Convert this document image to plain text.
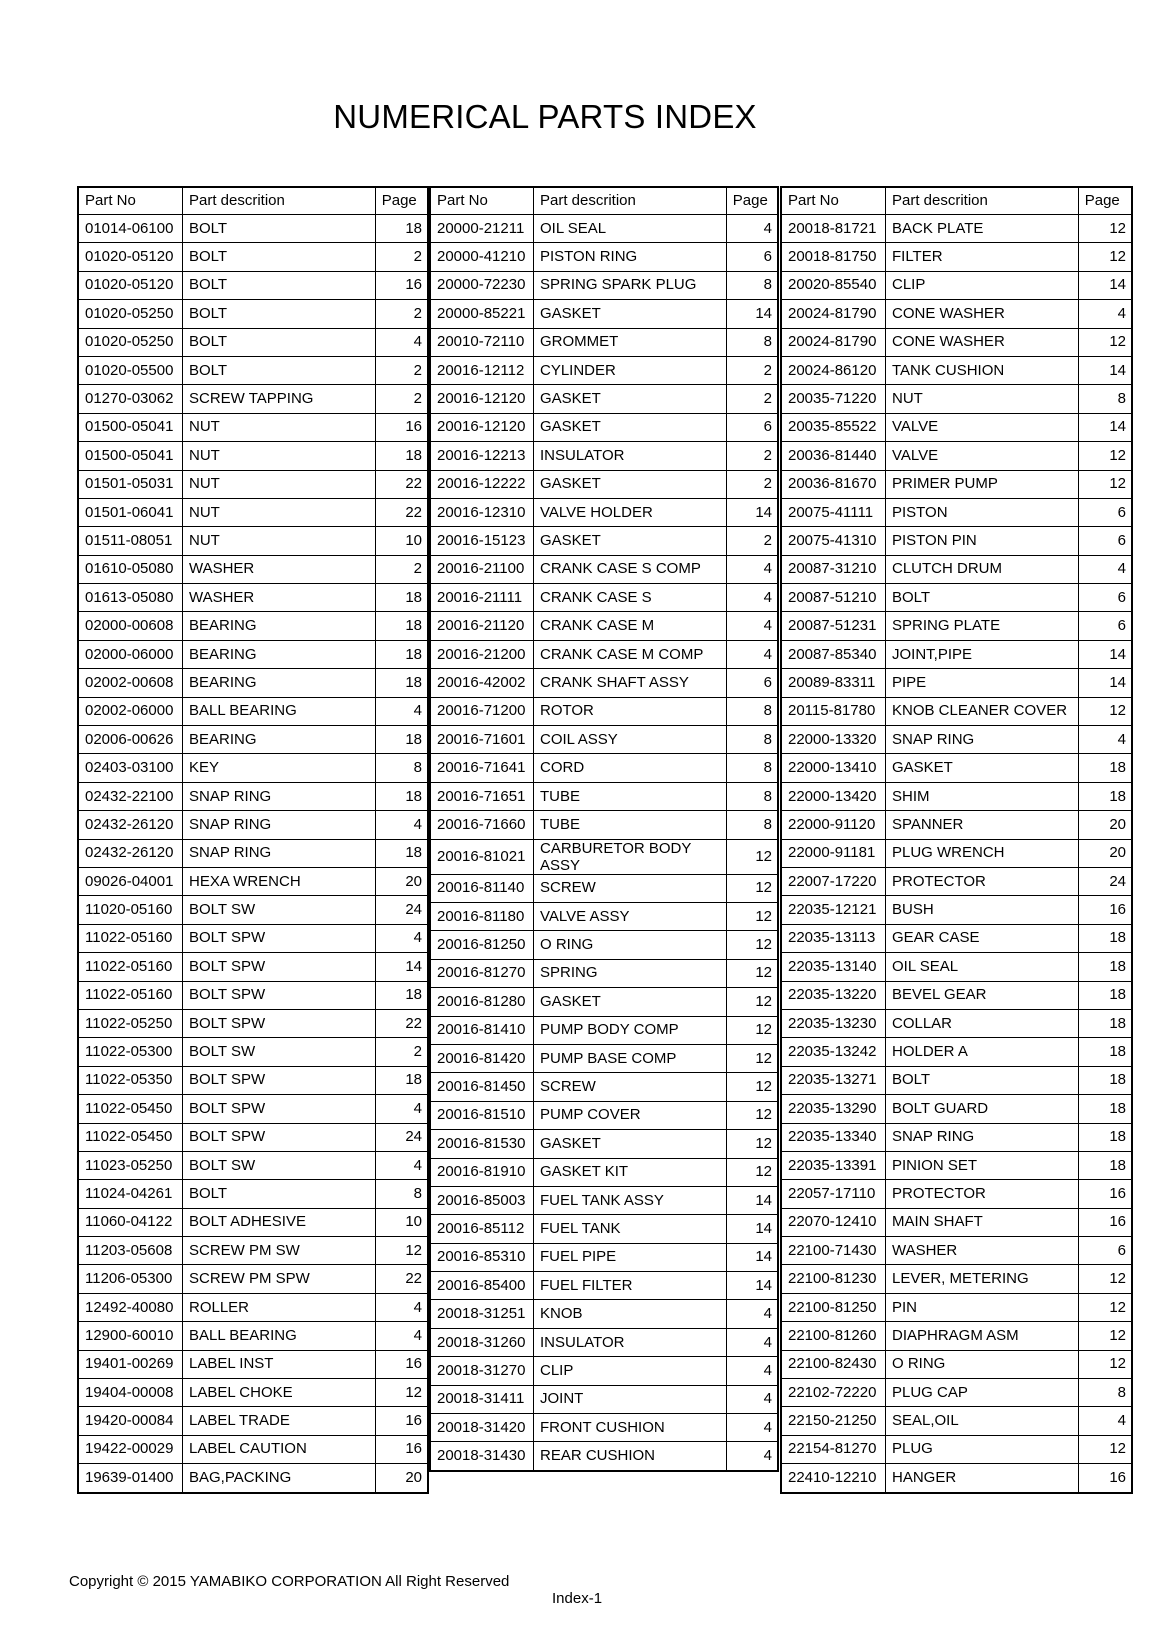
NUMERICAL PARTS INDEX
Part No	Part descrition	Page
01014-06100	BOLT	18
01020-05120	BOLT	2
01020-05120	BOLT	16
01020-05250	BOLT	2
01020-05250	BOLT	4
01020-05500	BOLT	2
01270-03062	SCREW TAPPING	2
01500-05041	NUT	16
01500-05041	NUT	18
01501-05031	NUT	22
01501-06041	NUT	22
01511-08051	NUT	10
01610-05080	WASHER	2
01613-05080	WASHER	18
02000-00608	BEARING	18
02000-06000	BEARING	18
02002-00608	BEARING	18
02002-06000	BALL BEARING	4
02006-00626	BEARING	18
02403-03100	KEY	8
02432-22100	SNAP RING	18
02432-26120	SNAP RING	4
02432-26120	SNAP RING	18
09026-04001	HEXA WRENCH	20
11020-05160	BOLT SW	24
11022-05160	BOLT SPW	4
11022-05160	BOLT SPW	14
11022-05160	BOLT SPW	18
11022-05250	BOLT SPW	22
11022-05300	BOLT SW	2
11022-05350	BOLT SPW	18
11022-05450	BOLT SPW	4
11022-05450	BOLT SPW	24
11023-05250	BOLT SW	4
11024-04261	BOLT	8
11060-04122	BOLT ADHESIVE	10
11203-05608	SCREW PM SW	12
11206-05300	SCREW PM SPW	22
12492-40080	ROLLER	4
12900-60010	BALL BEARING	4
19401-00269	LABEL INST	16
19404-00008	LABEL CHOKE	12
19420-00084	LABEL TRADE	16
19422-00029	LABEL CAUTION	16
19639-01400	BAG,PACKING	20
Part No	Part descrition	Page
20000-21211	OIL SEAL	4
20000-41210	PISTON RING	6
20000-72230	SPRING SPARK PLUG	8
20000-85221	GASKET	14
20010-72110	GROMMET	8
20016-12112	CYLINDER	2
20016-12120	GASKET	2
20016-12120	GASKET	6
20016-12213	INSULATOR	2
20016-12222	GASKET	2
20016-12310	VALVE HOLDER	14
20016-15123	GASKET	2
20016-21100	CRANK CASE S COMP	4
20016-21111	CRANK CASE S	4
20016-21120	CRANK CASE M	4
20016-21200	CRANK CASE M COMP	4
20016-42002	CRANK SHAFT ASSY	6
20016-71200	ROTOR	8
20016-71601	COIL ASSY	8
20016-71641	CORD	8
20016-71651	TUBE	8
20016-71660	TUBE	8
20016-81021	CARBURETOR BODY ASSY	12
20016-81140	SCREW	12
20016-81180	VALVE ASSY	12
20016-81250	O RING	12
20016-81270	SPRING	12
20016-81280	GASKET	12
20016-81410	PUMP BODY COMP	12
20016-81420	PUMP BASE COMP	12
20016-81450	SCREW	12
20016-81510	PUMP COVER	12
20016-81530	GASKET	12
20016-81910	GASKET KIT	12
20016-85003	FUEL TANK ASSY	14
20016-85112	FUEL TANK	14
20016-85310	FUEL PIPE	14
20016-85400	FUEL FILTER	14
20018-31251	KNOB	4
20018-31260	INSULATOR	4
20018-31270	CLIP	4
20018-31411	JOINT	4
20018-31420	FRONT CUSHION	4
20018-31430	REAR CUSHION	4
Part No	Part descrition	Page
20018-81721	BACK PLATE	12
20018-81750	FILTER	12
20020-85540	CLIP	14
20024-81790	CONE WASHER	4
20024-81790	CONE WASHER	12
20024-86120	TANK CUSHION	14
20035-71220	NUT	8
20035-85522	VALVE	14
20036-81440	VALVE	12
20036-81670	PRIMER PUMP	12
20075-41111	PISTON	6
20075-41310	PISTON PIN	6
20087-31210	CLUTCH DRUM	4
20087-51210	BOLT	6
20087-51231	SPRING PLATE	6
20087-85340	JOINT,PIPE	14
20089-83311	PIPE	14
20115-81780	KNOB CLEANER COVER	12
22000-13320	SNAP RING	4
22000-13410	GASKET	18
22000-13420	SHIM	18
22000-91120	SPANNER	20
22000-91181	PLUG WRENCH	20
22007-17220	PROTECTOR	24
22035-12121	BUSH	16
22035-13113	GEAR CASE	18
22035-13140	OIL SEAL	18
22035-13220	BEVEL GEAR	18
22035-13230	COLLAR	18
22035-13242	HOLDER A	18
22035-13271	BOLT	18
22035-13290	BOLT GUARD	18
22035-13340	SNAP RING	18
22035-13391	PINION SET	18
22057-17110	PROTECTOR	16
22070-12410	MAIN SHAFT	16
22100-71430	WASHER	6
22100-81230	LEVER, METERING	12
22100-81250	PIN	12
22100-81260	DIAPHRAGM ASM	12
22100-82430	O RING	12
22102-72220	PLUG CAP	8
22150-21250	SEAL,OIL	4
22154-81270	PLUG	12
22410-12210	HANGER	16
Copyright © 2015 YAMABIKO CORPORATION All Right Reserved
Index-1
